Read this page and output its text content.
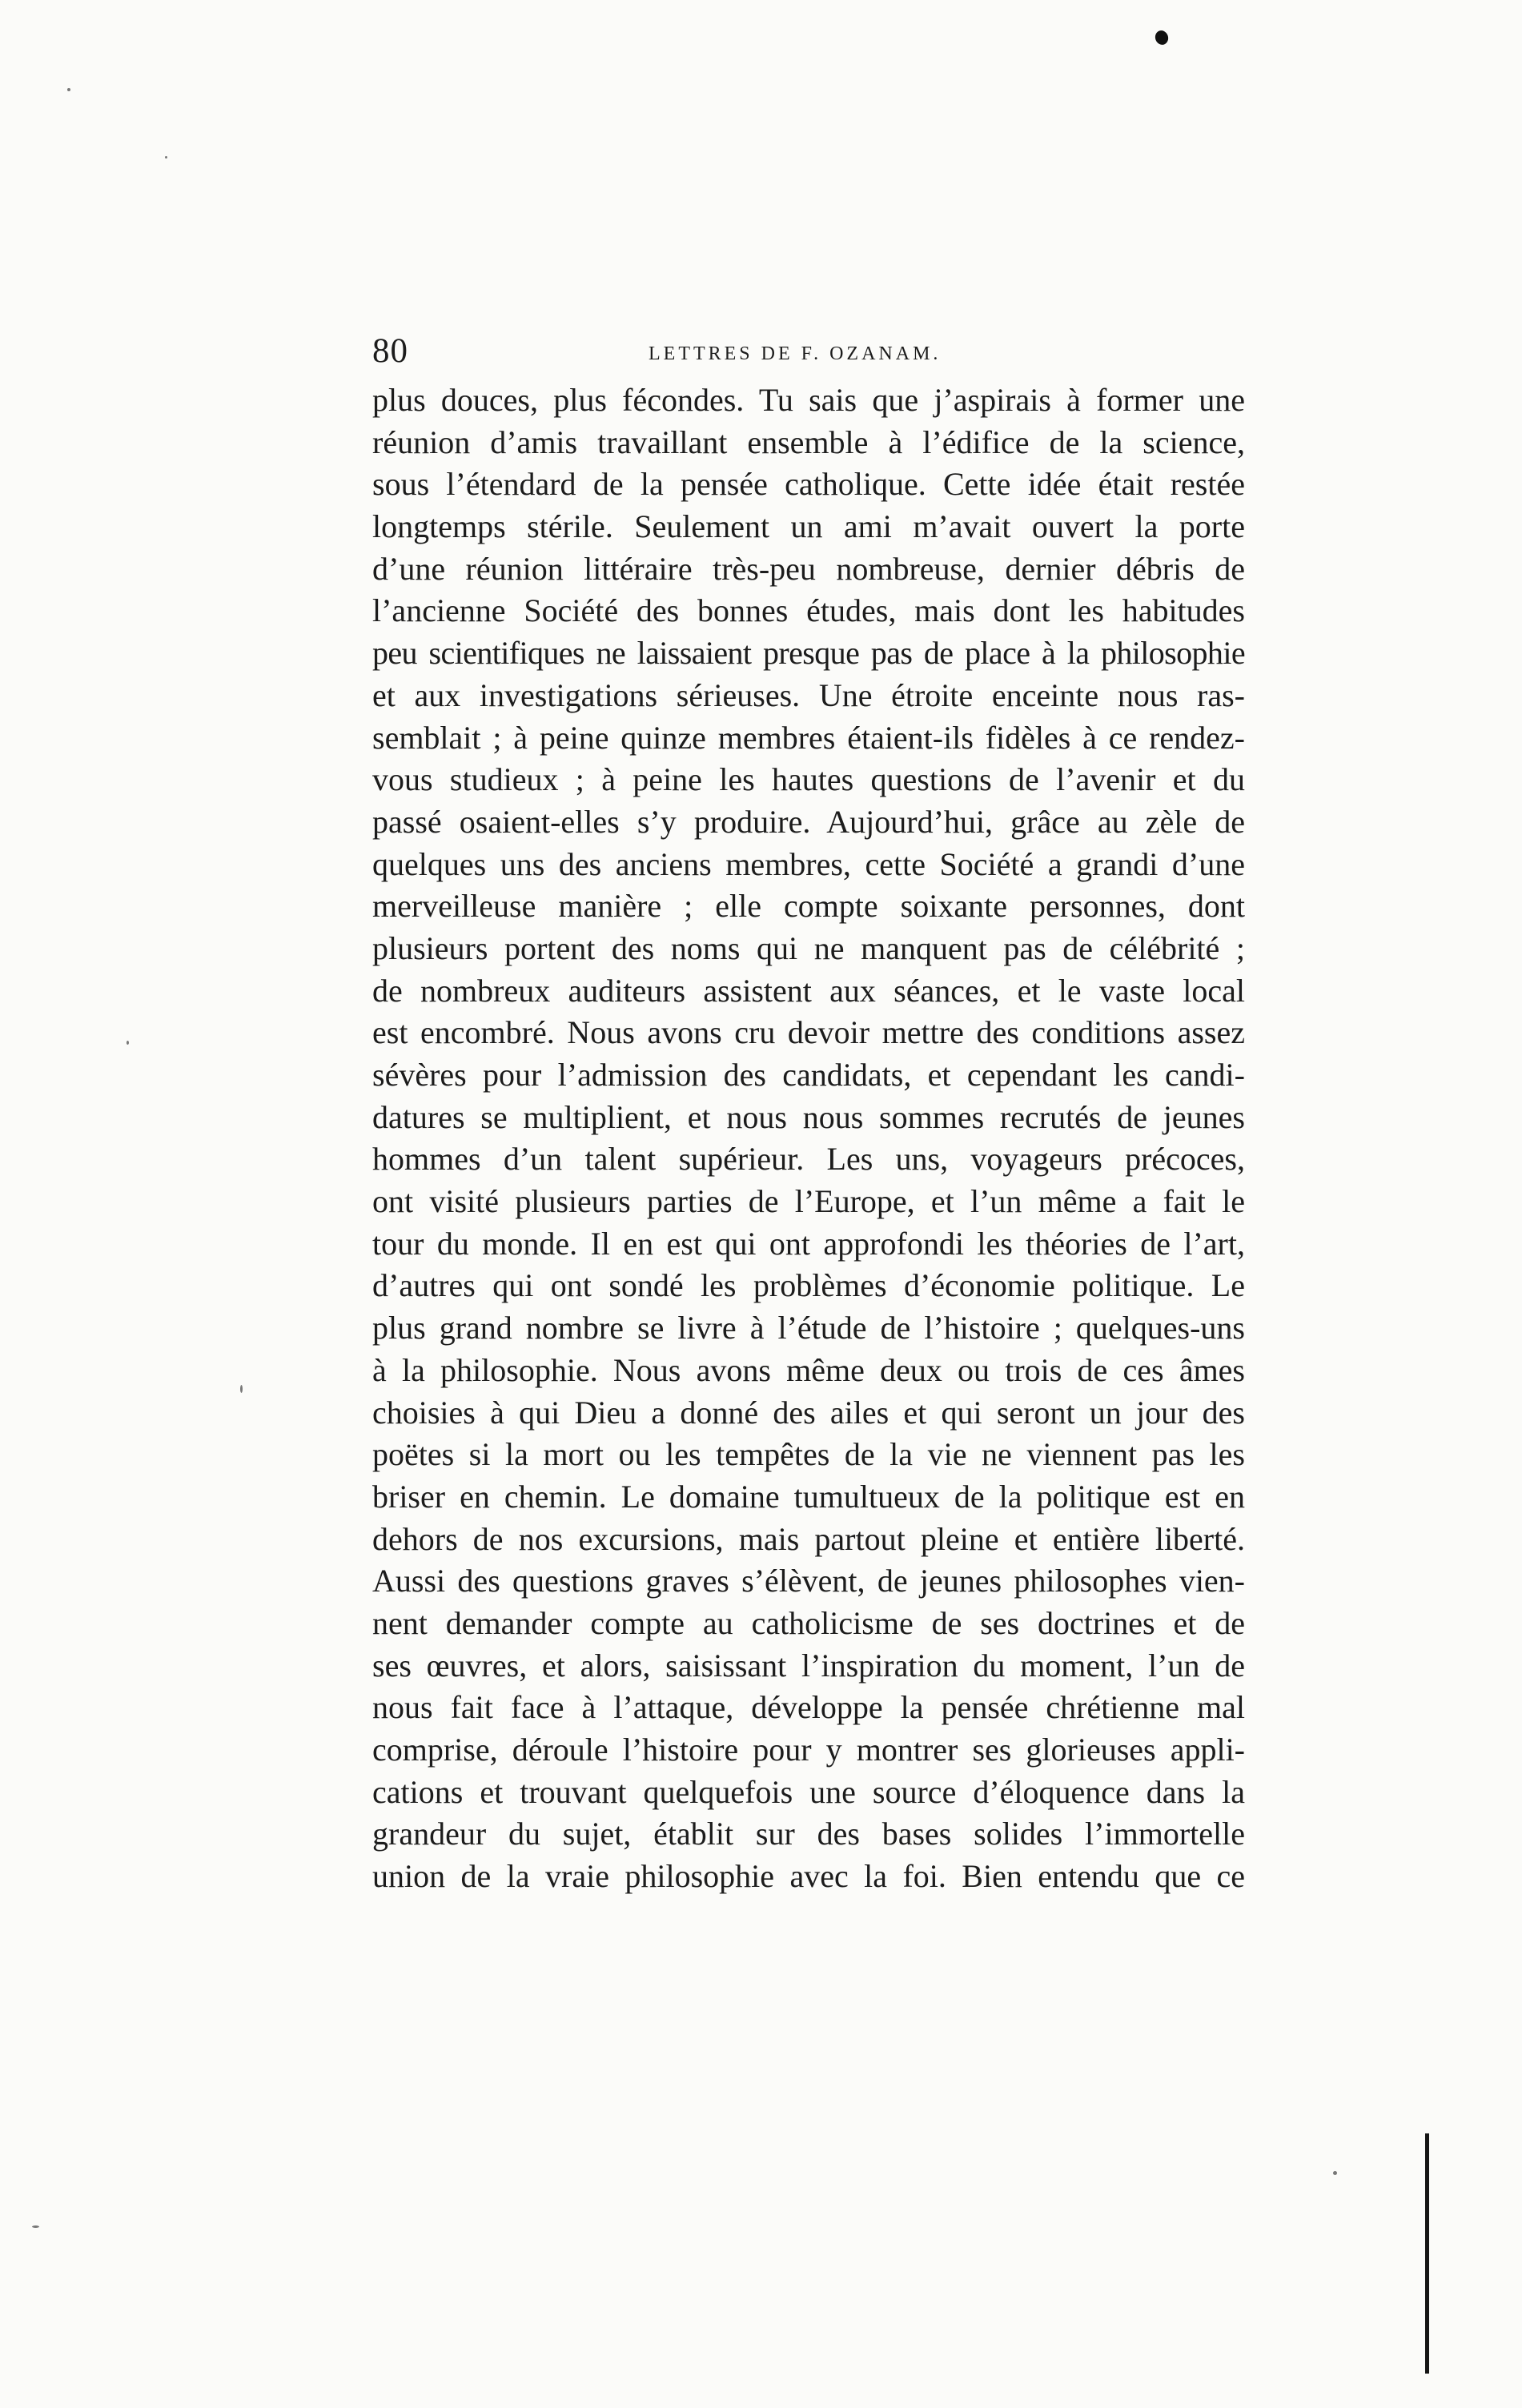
80	LETTRES DE F. OZANAM.
plus douces, plus fécondes. Tu sais que j’aspirais à former une
réunion d’amis travaillant ensemble à l’édifice de la science,
sous l’étendard de la pensée catholique. Cette idée était restée
longtemps stérile. Seulement un ami m’avait ouvert la porte
d’une réunion littéraire très-peu nombreuse, dernier débris de
l’ancienne Société des bonnes études, mais dont les habitudes
peu scientifiques ne laissaient presque pas de place à la philosophie
et aux investigations sérieuses. Une étroite enceinte nous ras-
semblait ; à peine quinze membres étaient-ils fidèles à ce rendez-
vous studieux ; à peine les hautes questions de l’avenir et du
passé osaient-elles s’y produire. Aujourd’hui, grâce au zèle de
quelques uns des anciens membres, cette Société a grandi d’une
merveilleuse manière ; elle compte soixante personnes, dont
plusieurs portent des noms qui ne manquent pas de célébrité ;
de nombreux auditeurs assistent aux séances, et le vaste local
est encombré. Nous avons cru devoir mettre des conditions assez
sévères pour l’admission des candidats, et cependant les candi-
datures se multiplient, et nous nous sommes recrutés de jeunes
hommes d’un talent supérieur. Les uns, voyageurs précoces,
ont visité plusieurs parties de l’Europe, et l’un même a fait le
tour du monde. Il en est qui ont approfondi les théories de l’art,
d’autres qui ont sondé les problèmes d’économie politique. Le
plus grand nombre se livre à l’étude de l’histoire ; quelques-uns
à la philosophie. Nous avons même deux ou trois de ces âmes
choisies à qui Dieu a donné des ailes et qui seront un jour des
poëtes si la mort ou les tempêtes de la vie ne viennent pas les
briser en chemin. Le domaine tumultueux de la politique est en
dehors de nos excursions, mais partout pleine et entière liberté.
Aussi des questions graves s’élèvent, de jeunes philosophes vien-
nent demander compte au catholicisme de ses doctrines et de
ses œuvres, et alors, saisissant l’inspiration du moment, l’un de
nous fait face à l’attaque, développe la pensée chrétienne mal
comprise, déroule l’histoire pour y montrer ses glorieuses appli-
cations et trouvant quelquefois une source d’éloquence dans la
grandeur du sujet, établit sur des bases solides l’immortelle
union de la vraie philosophie avec la foi. Bien entendu que ce
